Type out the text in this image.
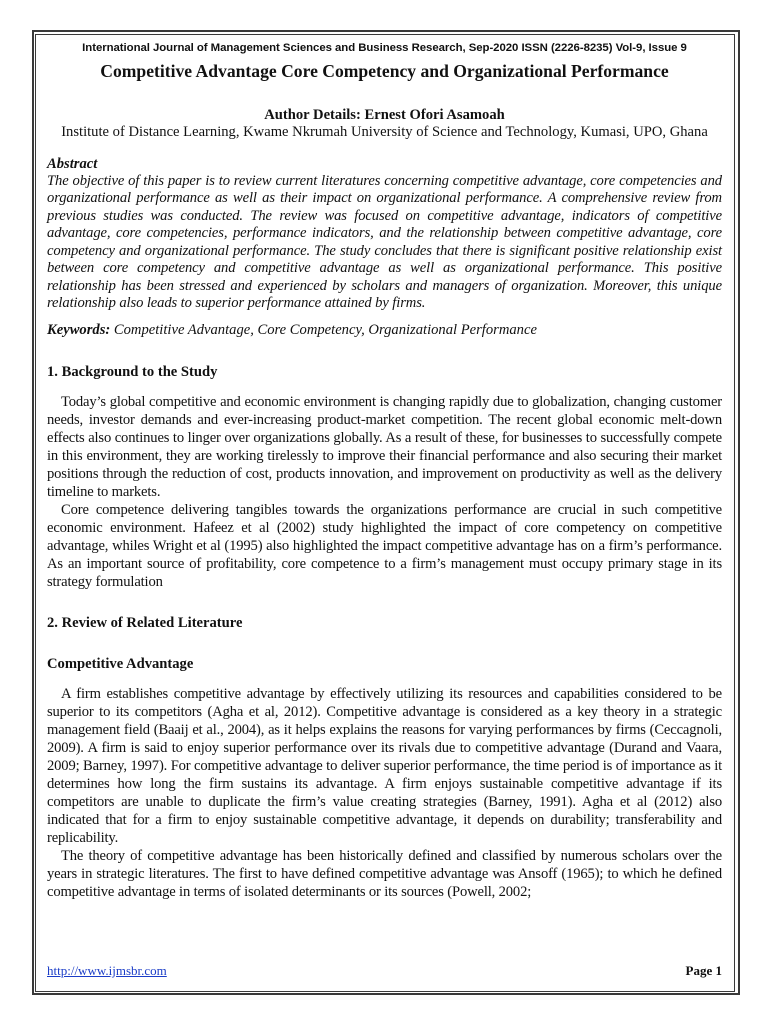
International Journal of Management Sciences and Business Research, Sep-2020 ISSN (2226-8235) Vol-9, Issue 9

Competitive Advantage Core Competency and Organizational Performance

Author Details: Ernest Ofori Asamoah

Institute of Distance Learning, Kwame Nkrumah University of Science and Technology, Kumasi, UPO, Ghana

Abstract

The objective of this paper is to review current literatures concerning competitive advantage, core competencies and organizational performance as well as their impact on organizational performance. A comprehensive review from previous studies was conducted. The review was focused on competitive advantage, indicators of competitive advantage, core competencies, performance indicators, and the relationship between competitive advantage, core competency and organizational performance. The study concludes that there is significant positive relationship exist between core competency and competitive advantage as well as organizational performance. This positive relationship has been stressed and experienced by scholars and managers of organization. Moreover, this unique relationship also leads to superior performance attained by firms.

Keywords: Competitive Advantage, Core Competency, Organizational Performance

1. Background to the Study

Today’s global competitive and economic environment is changing rapidly due to globalization, changing customer needs, investor demands and ever-increasing product-market competition. The recent global economic melt-down effects also continues to linger over organizations globally. As a result of these, for businesses to successfully compete in this environment, they are working tirelessly to improve their financial performance and also securing their market positions through the reduction of cost, products innovation, and improvement on productivity as well as the delivery timeline to markets.

Core competence delivering tangibles towards the organizations performance are crucial in such competitive economic environment. Hafeez et al (2002) study highlighted the impact of core competency on competitive advantage, whiles Wright et al (1995) also highlighted the impact competitive advantage has on a firm’s performance. As an important source of profitability, core competence to a firm’s management must occupy primary stage in its strategy formulation

2. Review of Related Literature
Competitive Advantage

A firm establishes competitive advantage by effectively utilizing its resources and capabilities considered to be superior to its competitors (Agha et al, 2012). Competitive advantage is considered as a key theory in a strategic management field (Baaij et al., 2004), as it helps explains the reasons for varying performances by firms (Ceccagnoli, 2009). A firm is said to enjoy superior performance over its rivals due to competitive advantage (Durand and Vaara, 2009; Barney, 1997). For competitive advantage to deliver superior performance, the time period is of importance as it determines how long the firm sustains its advantage. A firm enjoys sustainable competitive advantage if its competitors are unable to duplicate the firm’s value creating strategies (Barney, 1991). Agha et al (2012) also indicated that for a firm to enjoy sustainable competitive advantage, it depends on durability; transferability and replicability.

The theory of competitive advantage has been historically defined and classified by numerous scholars over the years in strategic literatures. The first to have defined competitive advantage was Ansoff (1965); to which he defined competitive advantage in terms of isolated determinants or its sources (Powell, 2002;

http://www.ijmsbr.com	Page 1
